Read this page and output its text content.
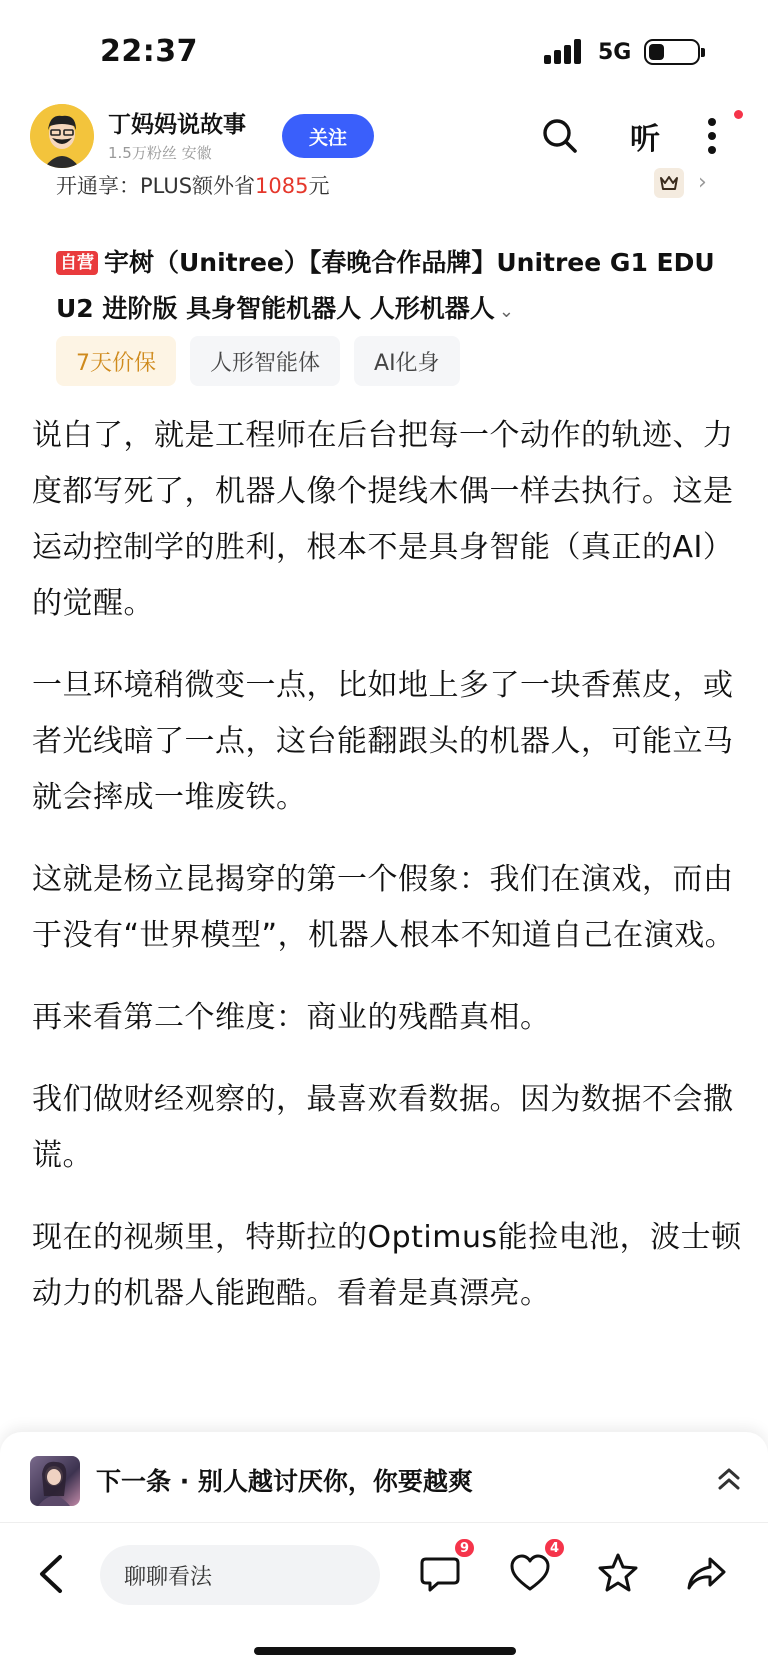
22:37	5G
丁妈妈说故事
1.5万粉丝 安徽
关注	听
开通享：PLUS额外省1085元	›
自营 宇树（Unitree）【春晚合作品牌】Unitree G1 EDU U2 进阶版 具身智能机器人 人形机器人 ⌄
7天价保	人形智能体	AI化身

说白了，就是工程师在后台把每一个动作的轨迹、力度都写死了，机器人像个提线木偶一样去执行。这是运动控制学的胜利，根本不是具身智能（真正的AI）的觉醒。

一旦环境稍微变一点，比如地上多了一块香蕉皮，或者光线暗了一点，这台能翻跟头的机器人，可能立马就会摔成一堆废铁。

这就是杨立昆揭穿的第一个假象：我们在演戏，而由于没有“世界模型”，机器人根本不知道自己在演戏。

再来看第二个维度：商业的残酷真相。

我们做财经观察的，最喜欢看数据。因为数据不会撒谎。

现在的视频里，特斯拉的Optimus能捡电池，波士顿动力的机器人能跑酷。看着是真漂亮。

下一条 · 别人越讨厌你，你要越爽
聊聊看法
9	4
